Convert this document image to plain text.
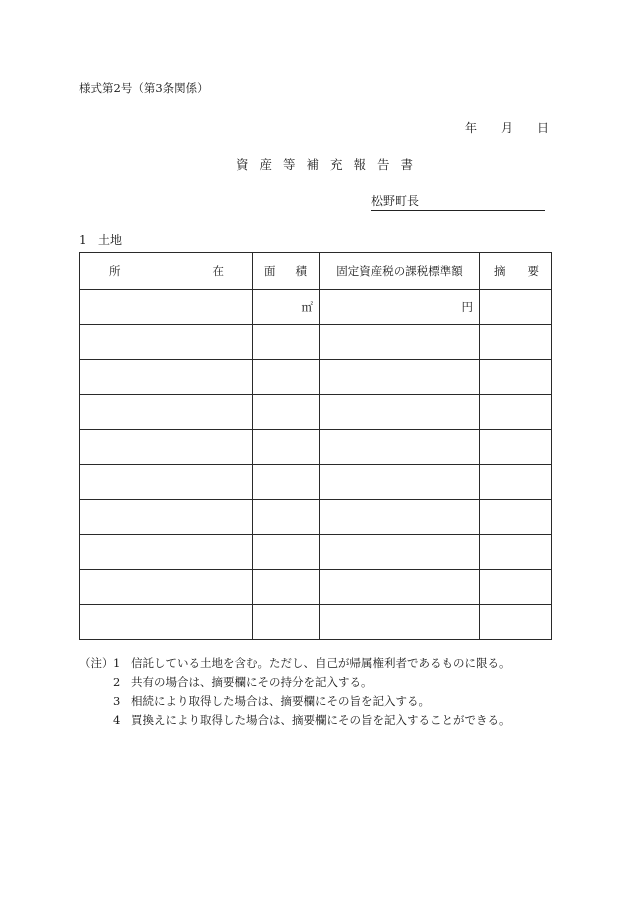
様式第2号（第3条関係）
年 月 日
資産等補充報告書
松野町長
1 土地
所 在	面 積	固定資産税の課税標準額	摘 要

	㎡	円	

（注） 1 信託している土地を含む。ただし、自己が帰属権利者であるものに限る。
2 共有の場合は、摘要欄にその持分を記入する。
3 相続により取得した場合は、摘要欄にその旨を記入する。
4 買換えにより取得した場合は、摘要欄にその旨を記入することができる。
